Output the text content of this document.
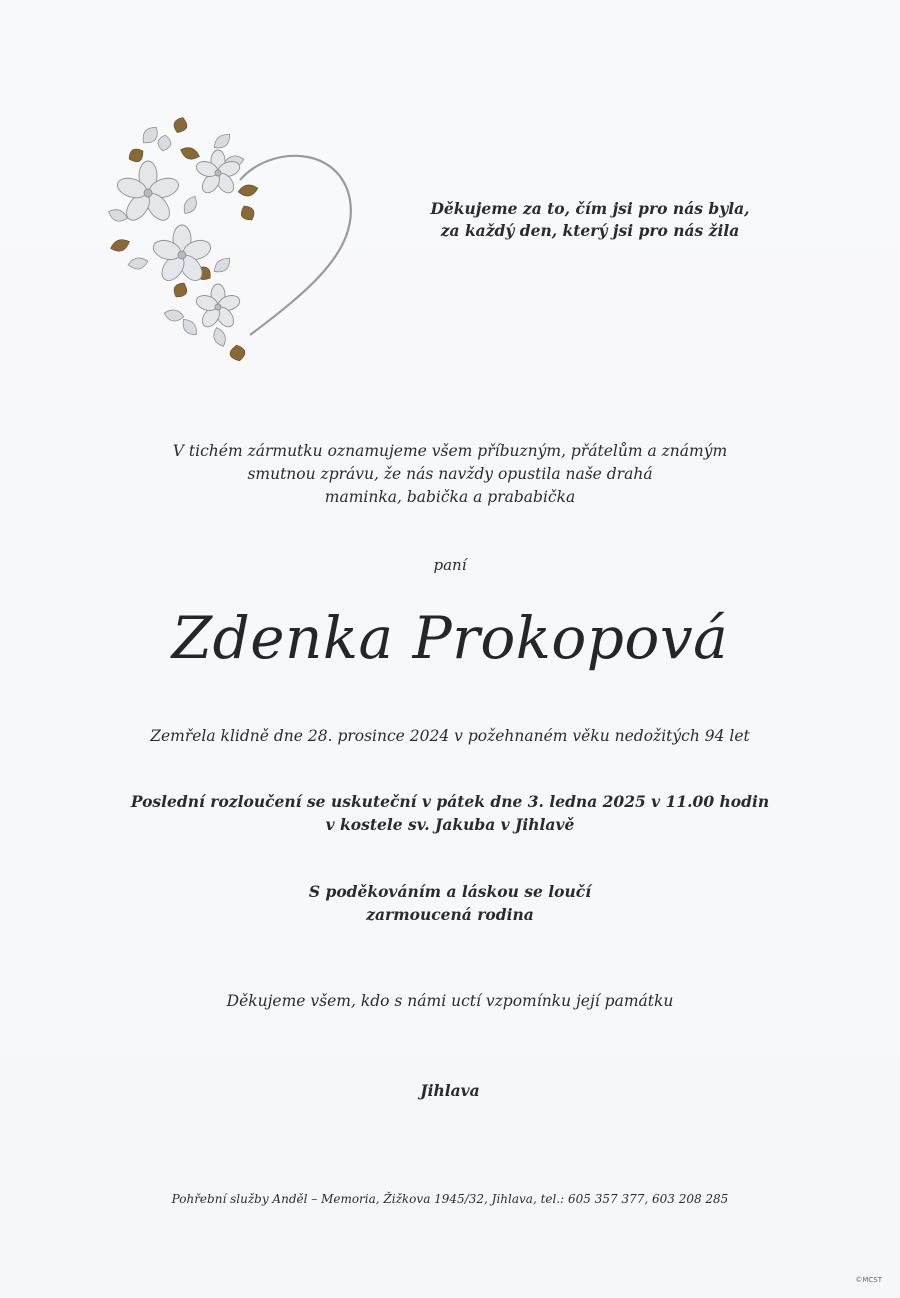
Děkujeme za to, čím jsi pro nás byla,
za každý den, který jsi pro nás žila
V tichém zármutku oznamujeme všem příbuzným, přátelům a známým
smutnou zprávu, že nás navždy opustila naše drahá
maminka, babička a prababička
paní
Zdenka Prokopová
Zemřela klidně dne 28. prosince 2024 v požehnaném věku nedožitých 94 let
Poslední rozloučení se uskuteční v pátek dne 3. ledna 2025 v 11.00 hodin
v kostele sv. Jakuba v Jihlavě
S poděkováním a láskou se loučí
zarmoucená rodina
Děkujeme všem, kdo s námi uctí vzpomínku její památku
Jihlava
Pohřební služby Anděl – Memoria, Žižkova 1945/32, Jihlava, tel.: 605 357 377, 603 208 285
©MCST
